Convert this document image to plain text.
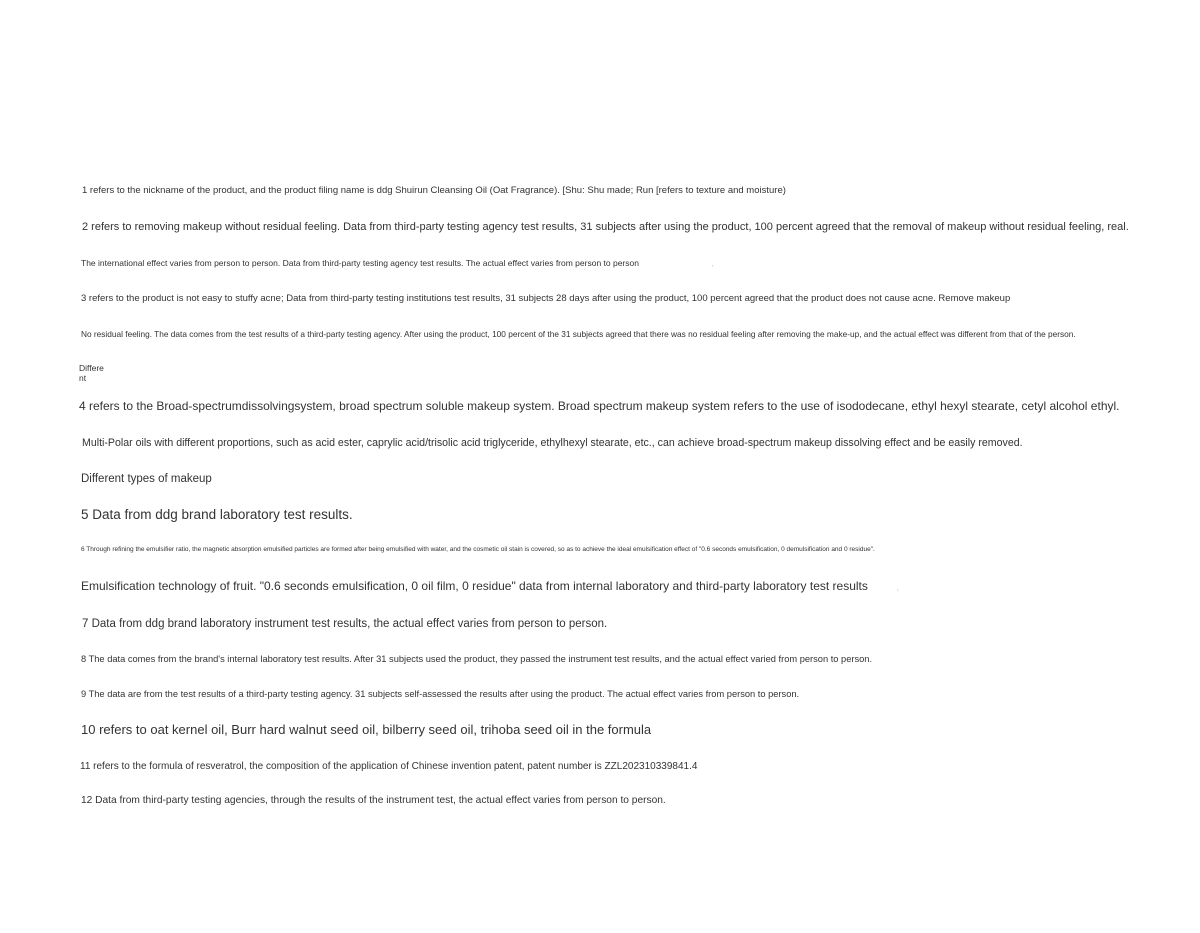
1 refers to the nickname of the product, and the product filing name is ddg Shuirun Cleansing Oil (Oat Fragrance). [Shu: Shu made; Run [refers to texture and moisture)

2 refers to removing makeup without residual feeling. Data from third-party testing agency test results, 31 subjects after using the product, 100 percent agreed that the removal of makeup without residual feeling, real.

The international effect varies from person to person. Data from third-party testing agency test results. The actual effect varies from person to person

3 refers to the product is not easy to stuffy acne; Data from third-party testing institutions test results, 31 subjects 28 days after using the product, 100 percent agreed that the product does not cause acne. Remove makeup

No residual feeling. The data comes from the test results of a third-party testing agency. After using the product, 100 percent of the 31 subjects agreed that there was no residual feeling after removing the make-up, and the actual effect was different from that of the person.

Differe nt

4 refers to the Broad-spectrumdissolvingsystem, broad spectrum soluble makeup system. Broad spectrum makeup system refers to the use of isododecane, ethyl hexyl stearate, cetyl alcohol ethyl.

Multi-Polar oils with different proportions, such as acid ester, caprylic acid/trisolic acid triglyceride, ethylhexyl stearate, etc., can achieve broad-spectrum makeup dissolving effect and be easily removed.

Different types of makeup

5 Data from ddg brand laboratory test results.

6 Through refining the emulsifier ratio, the magnetic absorption emulsified particles are formed after being emulsified with water, and the cosmetic oil stain is covered, so as to achieve the ideal emulsification effect of "0.6 seconds emulsification, 0 demulsification and 0 residue".

Emulsification technology of fruit. "0.6 seconds emulsification, 0 oil film, 0 residue" data from internal laboratory and third-party laboratory test results

7 Data from ddg brand laboratory instrument test results, the actual effect varies from person to person.

8 The data comes from the brand's internal laboratory test results. After 31 subjects used the product, they passed the instrument test results, and the actual effect varied from person to person.

9 The data are from the test results of a third-party testing agency. 31 subjects self-assessed the results after using the product. The actual effect varies from person to person.

10 refers to oat kernel oil, Burr hard walnut seed oil, bilberry seed oil, trihoba seed oil in the formula

11 refers to the formula of resveratrol, the composition of the application of Chinese invention patent, patent number is ZZL202310339841.4

12 Data from third-party testing agencies, through the results of the instrument test, the actual effect varies from person to person.

,
,
